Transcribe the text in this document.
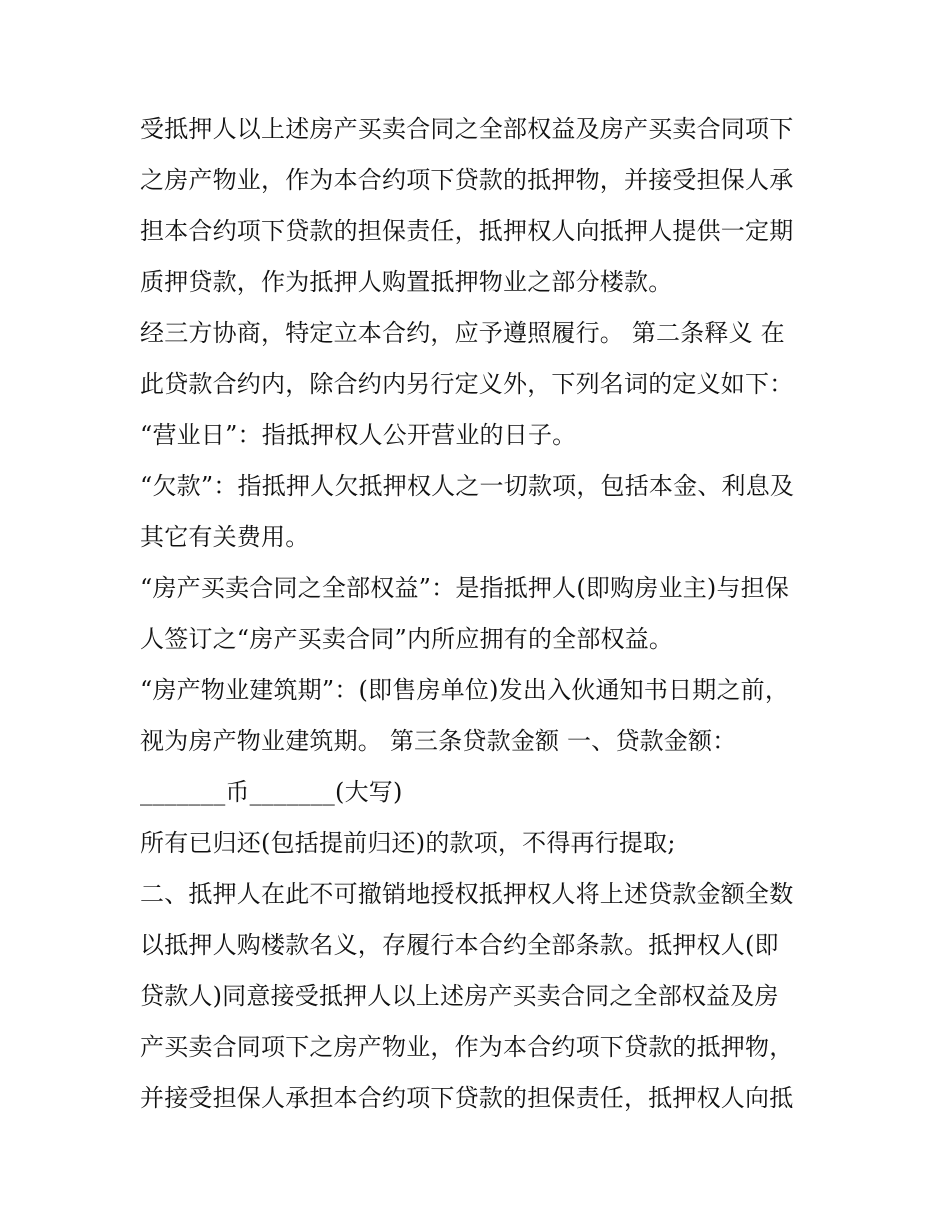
受抵押人以上述房产买卖合同之全部权益及房产买卖合同项下
之房产物业，作为本合约项下贷款的抵押物，并接受担保人承
担本合约项下贷款的担保责任，抵押权人向抵押人提供一定期
质押贷款，作为抵押人购置抵押物业之部分楼款。
经三方协商，特定立本合约，应予遵照履行。 第二条释义 在
此贷款合约内，除合约内另行定义外，下列名词的定义如下：
“营业日”：指抵押权人公开营业的日子。
“欠款”：指抵押人欠抵押权人之一切款项，包括本金、利息及
其它有关费用。
“房产买卖合同之全部权益”：是指抵押人(即购房业主)与担保
人签订之“房产买卖合同”内所应拥有的全部权益。
“房产物业建筑期”：(即售房单位)发出入伙通知书日期之前，
视为房产物业建筑期。 第三条贷款金额 一、贷款金额：
_______币_______(大写)
所有已归还(包括提前归还)的款项，不得再行提取;
二、抵押人在此不可撤销地授权抵押权人将上述贷款金额全数
以抵押人购楼款名义，存履行本合约全部条款。抵押权人(即
贷款人)同意接受抵押人以上述房产买卖合同之全部权益及房
产买卖合同项下之房产物业，作为本合约项下贷款的抵押物，
并接受担保人承担本合约项下贷款的担保责任，抵押权人向抵
